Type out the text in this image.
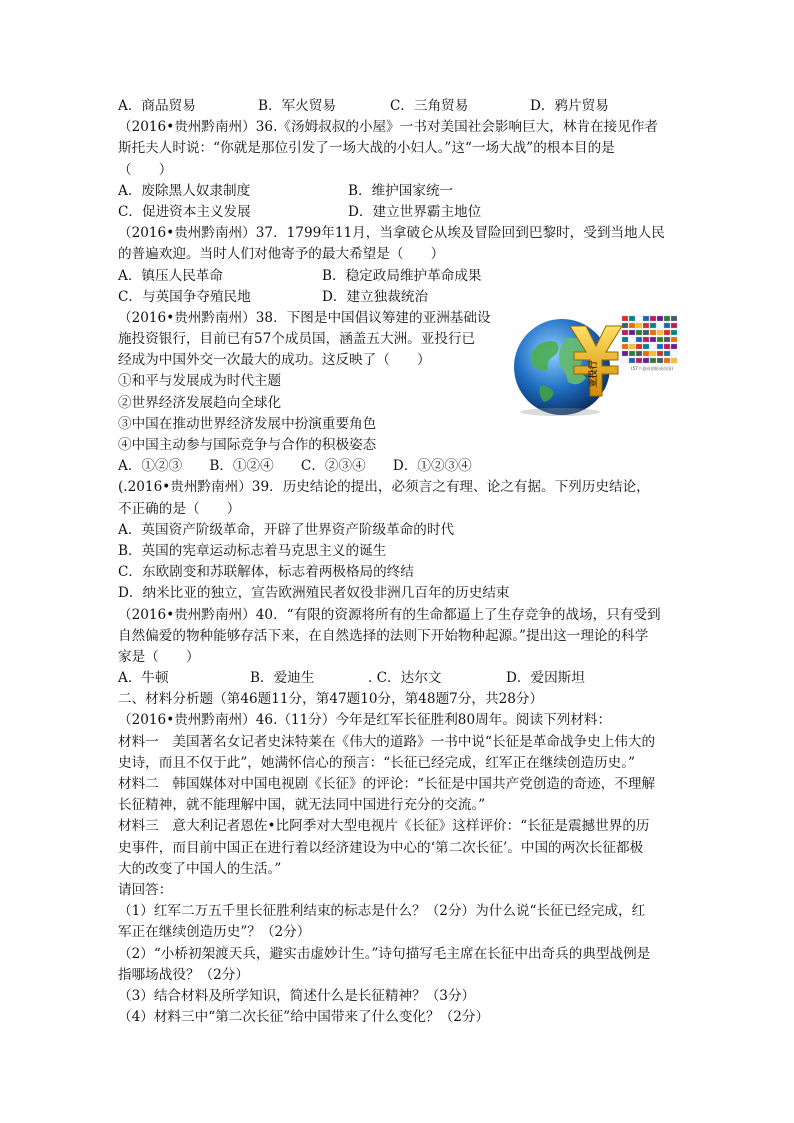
A．商品贸易	B．军火贸易	C．三角贸易	D．鸦片贸易
（2016•贵州黔南州）36.《汤姆叔叔的小屋》一书对美国社会影响巨大，林肯在接见作者
斯托夫人时说：“你就是那位引发了一场大战的小妇人。”这“一场大战”的根本目的是
（　　）
A．废除黑人奴隶制度	B．维护国家统一
C．促进资本主义发展	D．建立世界霸主地位
（2016•贵州黔南州）37．1799年11月，当拿破仑从埃及冒险回到巴黎时，受到当地人民
的普遍欢迎。当时人们对他寄予的最大希望是（　　）
A．镇压人民革命	B．稳定政局维护革命成果
C．与英国争夺殖民地	D．建立独裁统治
（2016•贵州黔南州）38．下图是中国倡议筹建的亚洲基础设
施投资银行，目前已有57个成员国，涵盖五大洲。亚投行已
经成为中国外交一次最大的成功。这反映了（　　）
①和平与发展成为时代主题
②世界经济发展趋向全球化
③中国在推动世界经济发展中扮演重要角色
④中国主动参与国际竞争与合作的积极姿态
A．①②③　　B．①②④　　C．②③④　　D．①②③④
(.2016•贵州黔南州）39．历史结论的提出，必须言之有理、论之有据。下列历史结论，
不正确的是（　　）
A．英国资产阶级革命，开辟了世界资产阶级革命的时代
B．英国的宪章运动标志着马克思主义的诞生
C．东欧剧变和苏联解体，标志着两极格局的终结
D．纳米比亚的独立，宣告欧洲殖民者奴役非洲几百年的历史结束
（2016•贵州黔南州）40．“有限的资源将所有的生命都逼上了生存竞争的战场，只有受到
自然偏爱的物种能够存活下来，在自然选择的法则下开始物种起源。”提出这一理论的科学
家是（　　）
A．牛顿	B．爱迪生	. C．达尔文	D．爱因斯坦
二、材料分析题（第46题11分，第47题10分，第48题7分，共28分）
（2016•贵州黔南州）46.（11分）今年是红军长征胜利80周年。阅读下列材料：
材料一　美国著名女记者史沫特莱在《伟大的道路》一书中说“长征是革命战争史上伟大的
史诗，而且不仅于此”，她满怀信心的预言：“长征已经完成，红军正在继续创造历史。”
材料二　韩国媒体对中国电视剧《长征》的评论：“长征是中国共产党创造的奇迹，不理解
长征精神，就不能理解中国，就无法同中国进行充分的交流。”
材料三　意大利记者恩佐•比阿季对大型电视片《长征》这样评价：“长征是震撼世界的历
史事件，而目前中国正在进行着以经济建设为中心的‘第二次长征’。中国的两次长征都极
大的改变了中国人的生活。”
请回答：
（1）红军二万五千里长征胜利结束的标志是什么？（2分）为什么说“长征已经完成，红
军正在继续创造历史”？（2分）
（2）“小桥初架渡天兵，避实击虚妙计生。”诗句描写毛主席在长征中出奇兵的典型战例是
指哪场战役？（2分）
（3）结合材料及所学知识，简述什么是长征精神？（3分）
（4）材料三中“第二次长征”给中国带来了什么变化？（2分）
亚投行	(57个意向创始成员国)
